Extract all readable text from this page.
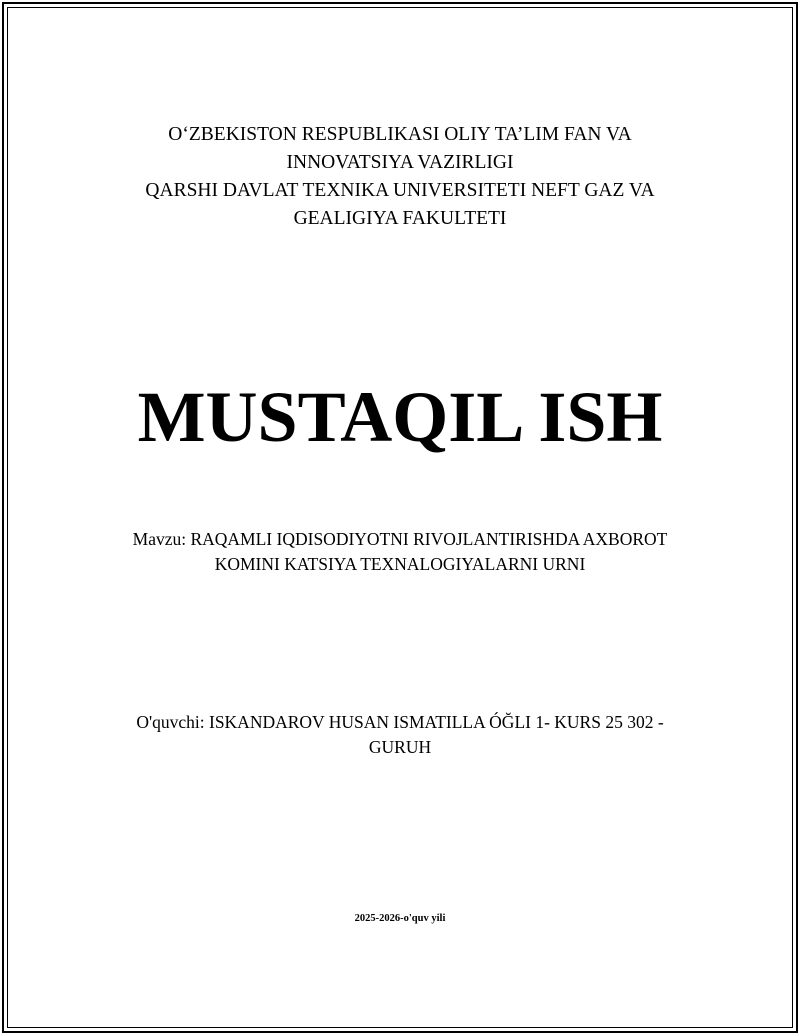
O‘ZBEKISTON RESPUBLIKASI OLIY TA’LIM FAN VA
INNOVATSIYA VAZIRLIGI
QARSHI DAVLAT TEXNIKA UNIVERSITETI NEFT GAZ VA
GEALIGIYA FAKULTETI
MUSTAQIL ISH
Mavzu: RAQAMLI IQDISODIYOTNI RIVOJLANTIRISHDA AXBOROT
KOMINI KATSIYA TEXNALOGIYALARNI URNI
O'quvchi: ISKANDAROV HUSAN ISMATILLA ÓĞLI 1- KURS 25 302 -
GURUH
2025-2026-o'quv yili
